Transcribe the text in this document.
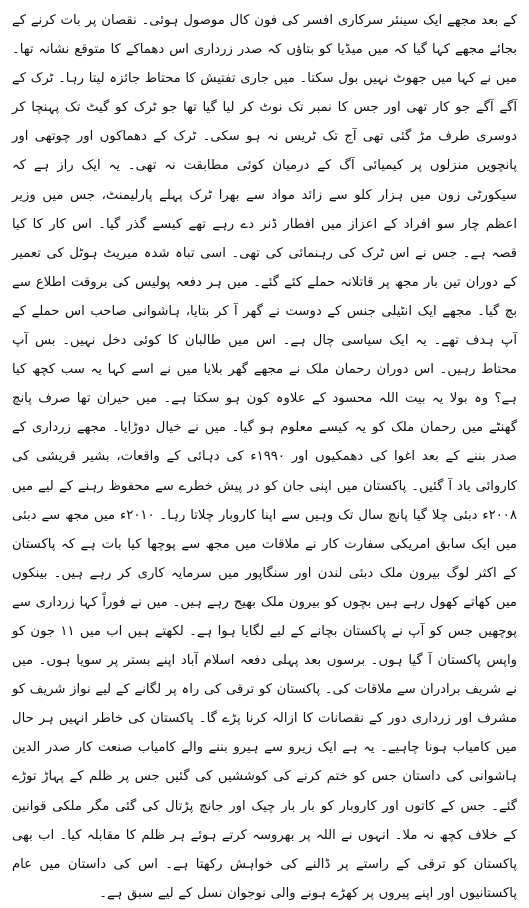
کے بعد مجھے ایک سینئر سرکاری افسر کی فون کال موصول ہوئی۔ نقصان پر بات کرنے کے بجائے مجھے کہا گیا کہ میں میڈیا کو بتاؤں کہ صدر زرداری اس دھماکے کا متوقع نشانہ تھا۔ میں نے کہا میں جھوٹ نہیں بول سکتا۔ میں جاری تفتیش کا محتاط جائزہ لیتا رہا۔ ٹرک کے آگے آگے جو کار تھی اور جس کا نمبر تک نوٹ کر لیا گیا تھا جو ٹرک کو گیٹ تک پہنچا کر دوسری طرف مڑ گئی تھی آج تک ٹریس نہ ہو سکی۔ ٹرک کے دھماکوں اور چوتھی اور پانچویں منزلوں پر کیمیائی آگ کے درمیان کوئی مطابقت نہ تھی۔ یہ ایک راز ہے کہ سیکورٹی زون میں ہزار کلو سے زائد مواد سے بھرا ٹرک پہلے پارلیمنٹ، جس میں وزیر اعظم چار سو افراد کے اعزاز میں افطار ڈنر دے رہے تھے کیسے گذر گیا۔ اس کار کا کیا قصہ ہے۔ جس نے اس ٹرک کی رہنمائی کی تھی۔ اسی تباہ شدہ میریٹ ہوٹل کی تعمیر کے دوران تین بار مجھ پر قاتلانہ حملے کئے گئے۔ میں ہر دفعہ پولیس کی بروقت اطلاع سے بچ گیا۔ مجھے ایک انٹیلی جنس کے دوست نے گھر آ کر بتایا، ہاشوانی صاحب اس حملے کے آپ ہدف تھے۔ یہ ایک سیاسی چال ہے۔ اس میں طالبان کا کوئی دخل نہیں۔ بس آپ محتاط رہیں۔ اس دوران رحمان ملک نے مجھے گھر بلایا میں نے اسے کہا یہ سب کچھ کیا ہے؟ وہ بولا یہ بیت اللہ محسود کے علاوہ کون ہو سکتا ہے۔ میں حیران تھا صرف پانچ گھنٹے میں رحمان ملک کو یہ کیسے معلوم ہو گیا۔ میں نے خیال دوڑایا۔ مجھے زرداری کے صدر بننے کے بعد اغوا کی دھمکیوں اور ۱۹۹۰ء کی دہائی کے واقعات، بشیر قریشی کی کاروائی یاد آ گئیں۔ پاکستان میں اپنی جان کو در پیش خطرے سے محفوظ رہنے کے لیے میں ۲۰۰۸ء دبئی چلا گیا پانچ سال تک وہیں سے اپنا کاروبار چلاتا رہا۔ ۲۰۱۰ء میں مجھ سے دبئی میں ایک سابق امریکی سفارت کار نے ملاقات میں مجھ سے پوچھا کیا بات ہے کہ پاکستان کے اکثر لوگ بیرون ملک دبئی لندن اور سنگاپور میں سرمایہ کاری کر رہے ہیں۔ بینکوں میں کھاتے کھول رہے ہیں بچوں کو بیرون ملک بھیج رہے ہیں۔ میں نے فوراً کہا زرداری سے پوچھیں جس کو آپ نے پاکستان بچانے کے لیے لگایا ہوا ہے۔ لکھتے ہیں اب میں ۱۱ جون کو واپس پاکستان آ گیا ہوں۔ برسوں بعد پہلی دفعہ اسلام آباد اپنے بستر پر سویا ہوں۔ میں نے شریف برادران سے ملاقات کی۔ پاکستان کو ترقی کی راہ پر لگانے کے لیے نواز شریف کو مشرف اور زرداری دور کے نقصانات کا ازالہ کرنا پڑے گا۔ پاکستان کی خاطر انہیں ہر حال میں کامیاب ہونا چاہیے۔ یہ ہے ایک زیرو سے ہیرو بننے والے کامیاب صنعت کار صدر الدین ہاشوانی کی داستان جس کو ختم کرنے کی کوششیں کی گئیں جس پر ظلم کے پہاڑ توڑے گئے۔ جس کے کاتوں اور کاروبار کو بار بار چیک اور جانچ پڑتال کی گئی مگر ملکی قوانین کے خلاف کچھ نہ ملا۔ انہوں نے اللہ پر بھروسہ کرتے ہوئے ہر ظلم کا مقابلہ کیا۔ اب بھی پاکستان کو ترقی کے راستے پر ڈالنے کی خواہش رکھتا ہے۔ اس کی داستان میں عام پاکستانیوں اور اپنے پیروں پر کھڑے ہونے والی نوجوان نسل کے لیے سبق ہے۔
